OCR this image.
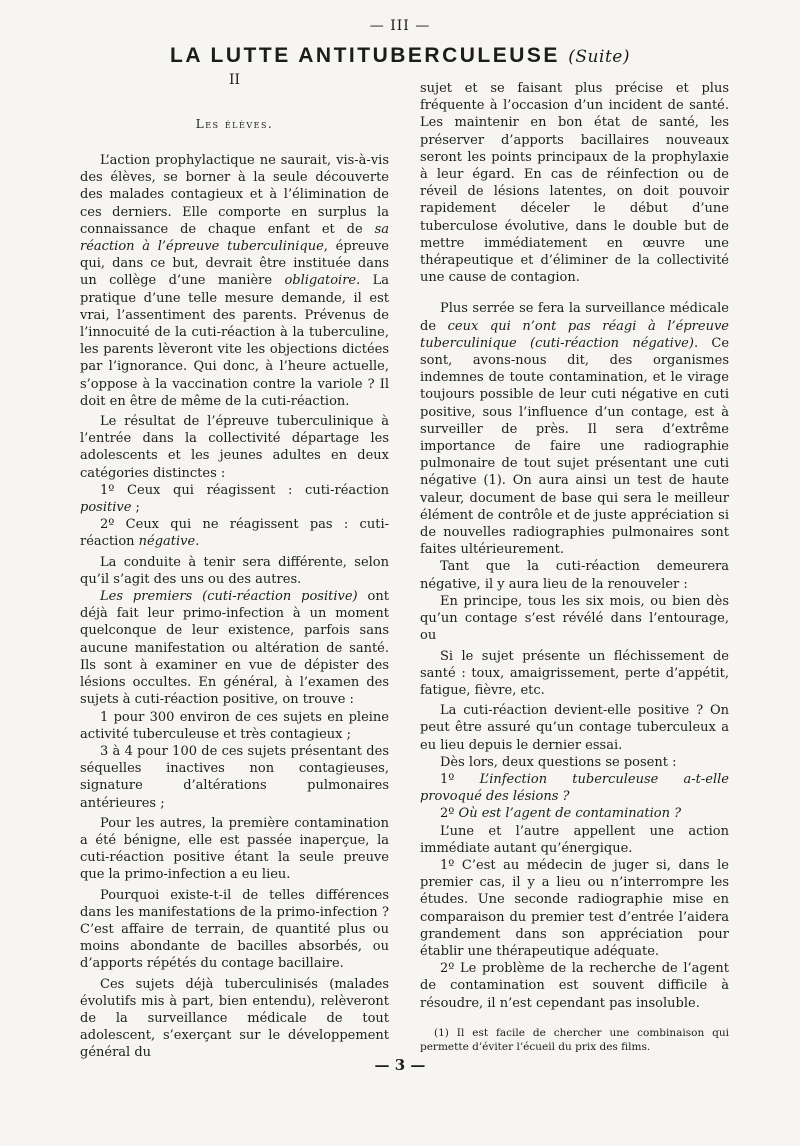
— III —
LA LUTTE ANTITUBERCULEUSE (Suite)
II
Les élèves.

L’action prophylactique ne saurait, vis-à-vis des élèves, se borner à la seule découverte des malades contagieux et à l’élimination de ces derniers. Elle comporte en surplus la connaissance de chaque enfant et de sa réaction à l’épreuve tuberculinique, épreuve qui, dans ce but, devrait être instituée dans un collège d’une manière obligatoire. La pratique d’une telle mesure demande, il est vrai, l’assentiment des parents. Prévenus de l’innocuité de la cuti-réaction à la tuberculine, les parents lèveront vite les objections dictées par l’ignorance. Qui donc, à l’heure actuelle, s’oppose à la vaccination contre la variole ? Il doit en être de même de la cuti-réaction.

Le résultat de l’épreuve tuberculinique à l’entrée dans la collectivité départage les adolescents et les jeunes adultes en deux catégories distinctes :

1º Ceux qui réagissent : cuti-réaction positive ;

2º Ceux qui ne réagissent pas : cuti-réaction négative.

La conduite à tenir sera différente, selon qu’il s’agit des uns ou des autres.

Les premiers (cuti-réaction positive) ont déjà fait leur primo-infection à un moment quelconque de leur existence, parfois sans aucune manifestation ou altération de santé. Ils sont à examiner en vue de dépister des lésions occultes. En général, à l’examen des sujets à cuti-réaction positive, on trouve :

1 pour 300 environ de ces sujets en pleine activité tuberculeuse et très contagieux ;

3 à 4 pour 100 de ces sujets présentant des séquelles inactives non contagieuses, signature d’altérations pulmonaires antérieures ;

Pour les autres, la première contamination a été bénigne, elle est passée inaperçue, la cuti-réaction positive étant la seule preuve que la primo-infection a eu lieu.

Pourquoi existe-t-il de telles différences dans les manifestations de la primo-infection ? C’est affaire de terrain, de quantité plus ou moins abondante de bacilles absorbés, ou d’apports répétés du contage bacillaire.

Ces sujets déjà tuberculinisés (malades évolutifs mis à part, bien entendu), relèveront de la surveillance médicale de tout adolescent, s’exerçant sur le développement général du

sujet et se faisant plus précise et plus fréquente à l’occasion d’un incident de santé. Les maintenir en bon état de santé, les préserver d’apports bacillaires nouveaux seront les points principaux de la prophylaxie à leur égard. En cas de réinfection ou de réveil de lésions latentes, on doit pouvoir rapidement déceler le début d’une tuberculose évolutive, dans le double but de mettre immédiatement en œuvre une thérapeutique et d’éliminer de la collectivité une cause de contagion.

Plus serrée se fera la surveillance médicale de ceux qui n’ont pas réagi à l’épreuve tuberculinique (cuti-réaction négative). Ce sont, avons-nous dit, des organismes indemnes de toute contamination, et le virage toujours possible de leur cuti négative en cuti positive, sous l’influence d’un contage, est à surveiller de près. Il sera d’extrême importance de faire une radiographie pulmonaire de tout sujet présentant une cuti négative (1). On aura ainsi un test de haute valeur, document de base qui sera le meilleur élément de contrôle et de juste appréciation si de nouvelles radiographies pulmonaires sont faites ultérieurement.

Tant que la cuti-réaction demeurera négative, il y aura lieu de la renouveler :

En principe, tous les six mois, ou bien dès qu’un contage s’est révélé dans l’entourage, ou

Si le sujet présente un fléchissement de santé : toux, amaigrissement, perte d’appétit, fatigue, fièvre, etc.

La cuti-réaction devient-elle positive ? On peut être assuré qu’un contage tuberculeux a eu lieu depuis le dernier essai.

Dès lors, deux questions se posent :

1º L’infection tuberculeuse a-t-elle provoqué des lésions ?

2º Où est l’agent de contamination ?

L’une et l’autre appellent une action immédiate autant qu’énergique.

1º C’est au médecin de juger si, dans le premier cas, il y a lieu ou n’interrompre les études. Une seconde radiographie mise en comparaison du premier test d’entrée l’aidera grandement dans son appréciation pour établir une thérapeutique adéquate.

2º Le problème de la recherche de l’agent de contamination est souvent difficile à résoudre, il n’est cependant pas insoluble.

(1) Il est facile de chercher une combinaison qui permette d’éviter l’écueil du prix des films.

— 3 —
